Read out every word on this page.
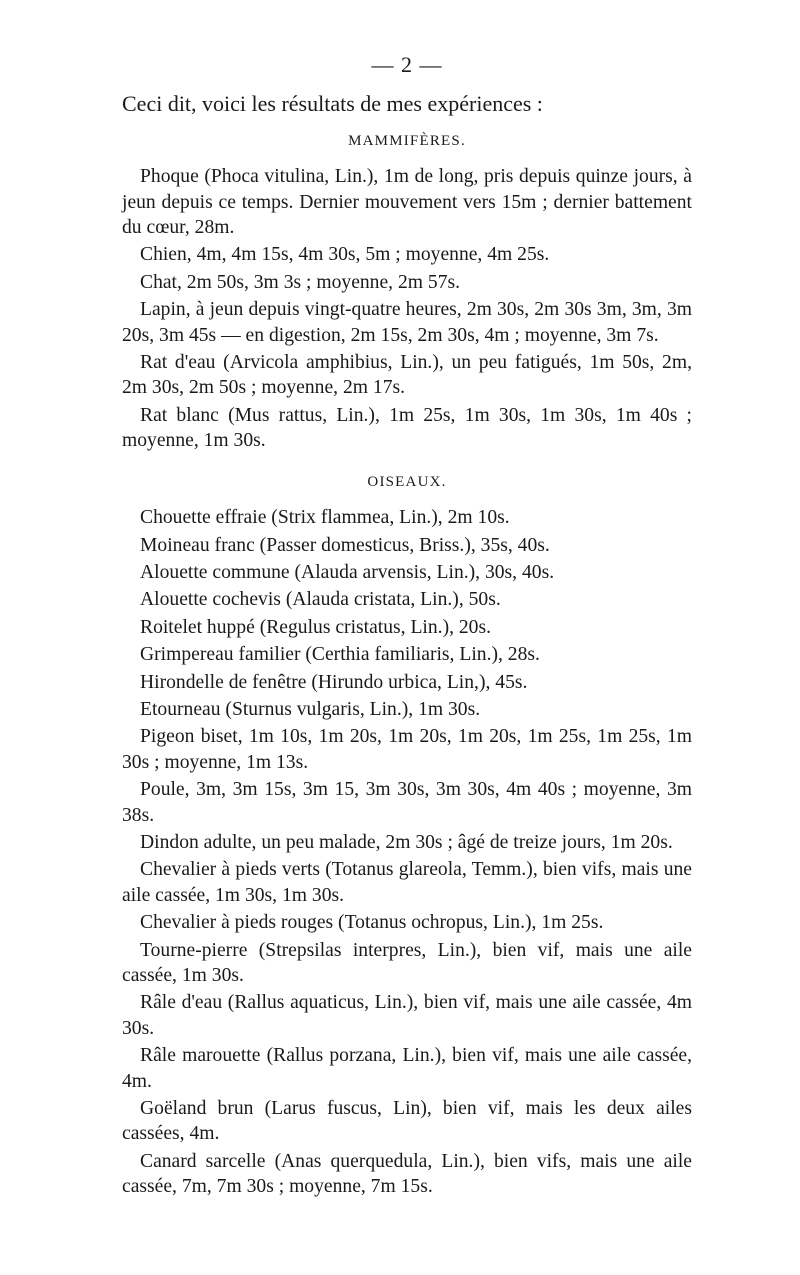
— 2 —
Ceci dit, voici les résultats de mes expériences :
MAMMIFÈRES.
Phoque (Phoca vitulina, Lin.), 1m de long, pris depuis quinze jours, à jeun depuis ce temps. Dernier mouvement vers 15m ; dernier battement du cœur, 28m.
Chien, 4m, 4m 15s, 4m 30s, 5m ; moyenne, 4m 25s.
Chat, 2m 50s, 3m 3s ; moyenne, 2m 57s.
Lapin, à jeun depuis vingt-quatre heures, 2m 30s, 2m 30s 3m, 3m, 3m 20s, 3m 45s — en digestion, 2m 15s, 2m 30s, 4m ; moyenne, 3m 7s.
Rat d'eau (Arvicola amphibius, Lin.), un peu fatigués, 1m 50s, 2m, 2m 30s, 2m 50s ; moyenne, 2m 17s.
Rat blanc (Mus rattus, Lin.), 1m 25s, 1m 30s, 1m 30s, 1m 40s ; moyenne, 1m 30s.
OISEAUX.
Chouette effraie (Strix flammea, Lin.), 2m 10s.
Moineau franc (Passer domesticus, Briss.), 35s, 40s.
Alouette commune (Alauda arvensis, Lin.), 30s, 40s.
Alouette cochevis (Alauda cristata, Lin.), 50s.
Roitelet huppé (Regulus cristatus, Lin.), 20s.
Grimpereau familier (Certhia familiaris, Lin.), 28s.
Hirondelle de fenêtre (Hirundo urbica, Lin,), 45s.
Etourneau (Sturnus vulgaris, Lin.), 1m 30s.
Pigeon biset, 1m 10s, 1m 20s, 1m 20s, 1m 20s, 1m 25s, 1m 25s, 1m 30s ; moyenne, 1m 13s.
Poule, 3m, 3m 15s, 3m 15, 3m 30s, 3m 30s, 4m 40s ; moyenne, 3m 38s.
Dindon adulte, un peu malade, 2m 30s ; âgé de treize jours, 1m 20s.
Chevalier à pieds verts (Totanus glareola, Temm.), bien vifs, mais une aile cassée, 1m 30s, 1m 30s.
Chevalier à pieds rouges (Totanus ochropus, Lin.), 1m 25s.
Tourne-pierre (Strepsilas interpres, Lin.), bien vif, mais une aile cassée, 1m 30s.
Râle d'eau (Rallus aquaticus, Lin.), bien vif, mais une aile cassée, 4m 30s.
Râle marouette (Rallus porzana, Lin.), bien vif, mais une aile cassée, 4m.
Goëland brun (Larus fuscus, Lin), bien vif, mais les deux ailes cassées, 4m.
Canard sarcelle (Anas querquedula, Lin.), bien vifs, mais une aile cassée, 7m, 7m 30s ; moyenne, 7m 15s.
